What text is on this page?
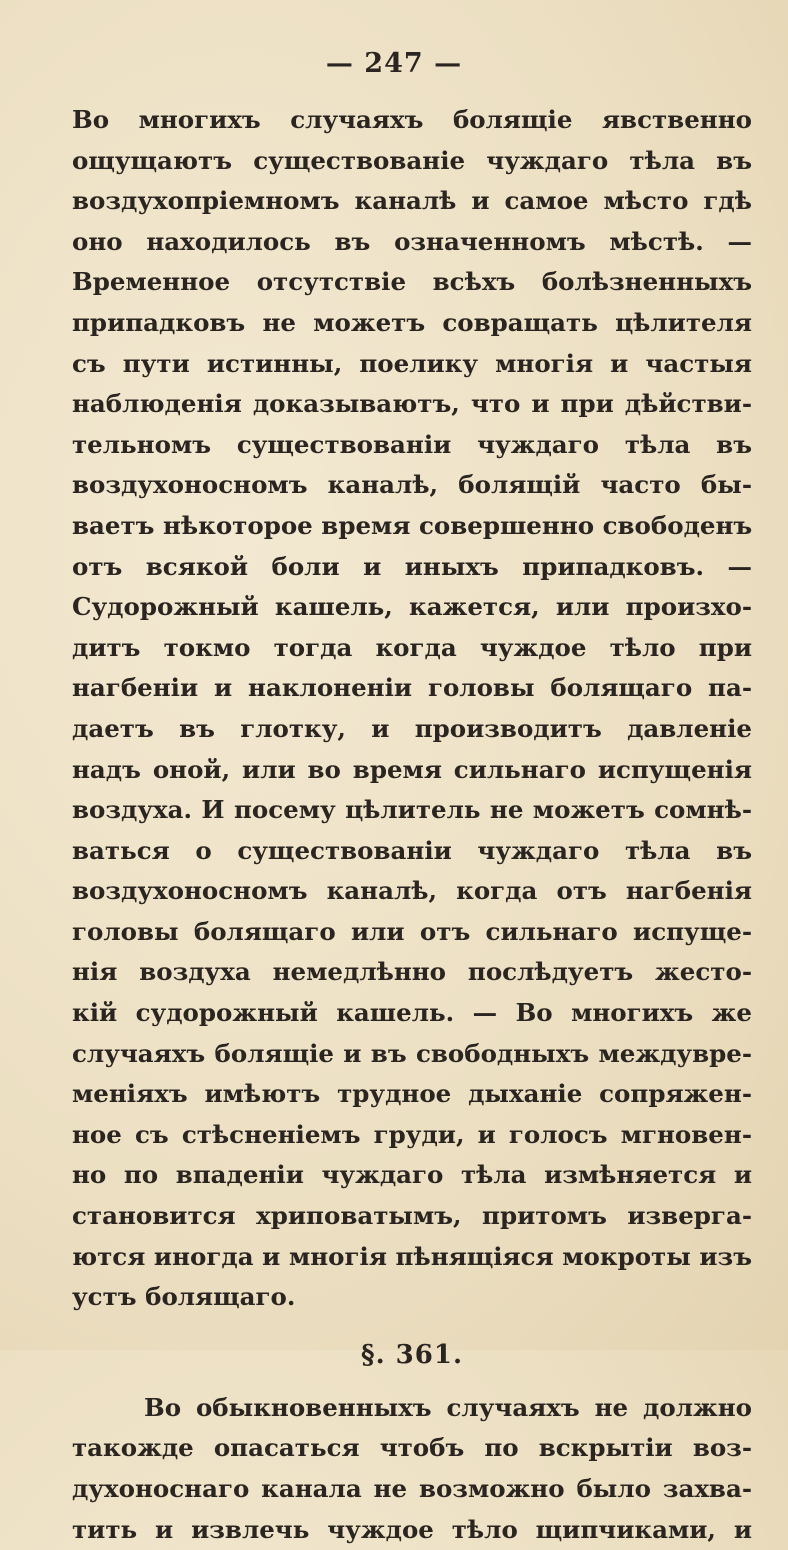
— 247 —
Во многихъ случаяхъ болящіе явственно
ощущаютъ существованіе чуждаго тѣла въ
воздухопріемномъ каналѣ и самое мѣсто гдѣ
оно находилось въ означенномъ мѣстѣ. —
Временное отсутствіе всѣхъ болѣзненныхъ
припадковъ не можетъ совращать цѣлителя
съ пути истинны, поелику многія и частыя
наблюденія доказываютъ, что и при дѣйстви-
тельномъ существованіи чуждаго тѣла въ
воздухоносномъ каналѣ, болящій часто бы-
ваетъ нѣкоторое время совершенно свободенъ
отъ всякой боли и иныхъ припадковъ. —
Судорожный кашель, кажется, или произхо-
дитъ токмо тогда когда чуждое тѣло при
нагбеніи и наклоненіи головы болящаго па-
даетъ въ глотку, и производитъ давленіе
надъ оной, или во время сильнаго испущенія
воздуха. И посему цѣлитель не можетъ сомнѣ-
ваться о существованіи чуждаго тѣла въ
воздухоносномъ каналѣ, когда отъ нагбенія
головы болящаго или отъ сильнаго испуще-
нія воздуха немедлѣнно послѣдуетъ жесто-
кій судорожный кашель. — Во многихъ же
случаяхъ болящіе и въ свободныхъ междувре-
меніяхъ имѣютъ трудное дыханіе сопряжен-
ное съ стѣсненіемъ груди, и голосъ мгновен-
но по впаденіи чуждаго тѣла измѣняется и
становится хриповатымъ, притомъ изверга-
ются иногда и многія пѣнящіяся мокроты изъ
устъ болящаго.
§. 361.
Во обыкновенныхъ случаяхъ не должно
такожде опасаться чтобъ по вскрытіи воз-
духоноснаго канала не возможно было захва-
тить и извлечь чуждое тѣло щипчиками, и
